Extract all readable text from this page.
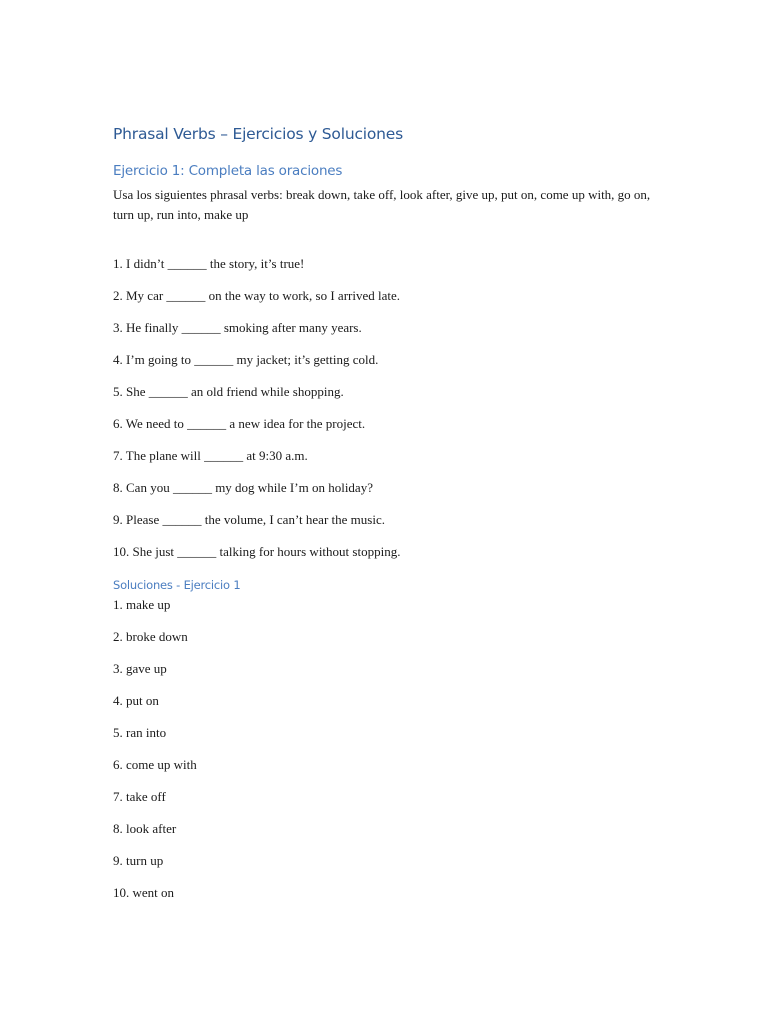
Phrasal Verbs – Ejercicios y Soluciones
Ejercicio 1: Completa las oraciones
Usa los siguientes phrasal verbs: break down, take off, look after, give up, put on, come up with, go on, turn up, run into, make up
1. I didn’t ______ the story, it’s true!
2. My car ______ on the way to work, so I arrived late.
3. He finally ______ smoking after many years.
4. I’m going to ______ my jacket; it’s getting cold.
5. She ______ an old friend while shopping.
6. We need to ______ a new idea for the project.
7. The plane will ______ at 9:30 a.m.
8. Can you ______ my dog while I’m on holiday?
9. Please ______ the volume, I can’t hear the music.
10. She just ______ talking for hours without stopping.
Soluciones - Ejercicio 1
1. make up
2. broke down
3. gave up
4. put on
5. ran into
6. come up with
7. take off
8. look after
9. turn up
10. went on
